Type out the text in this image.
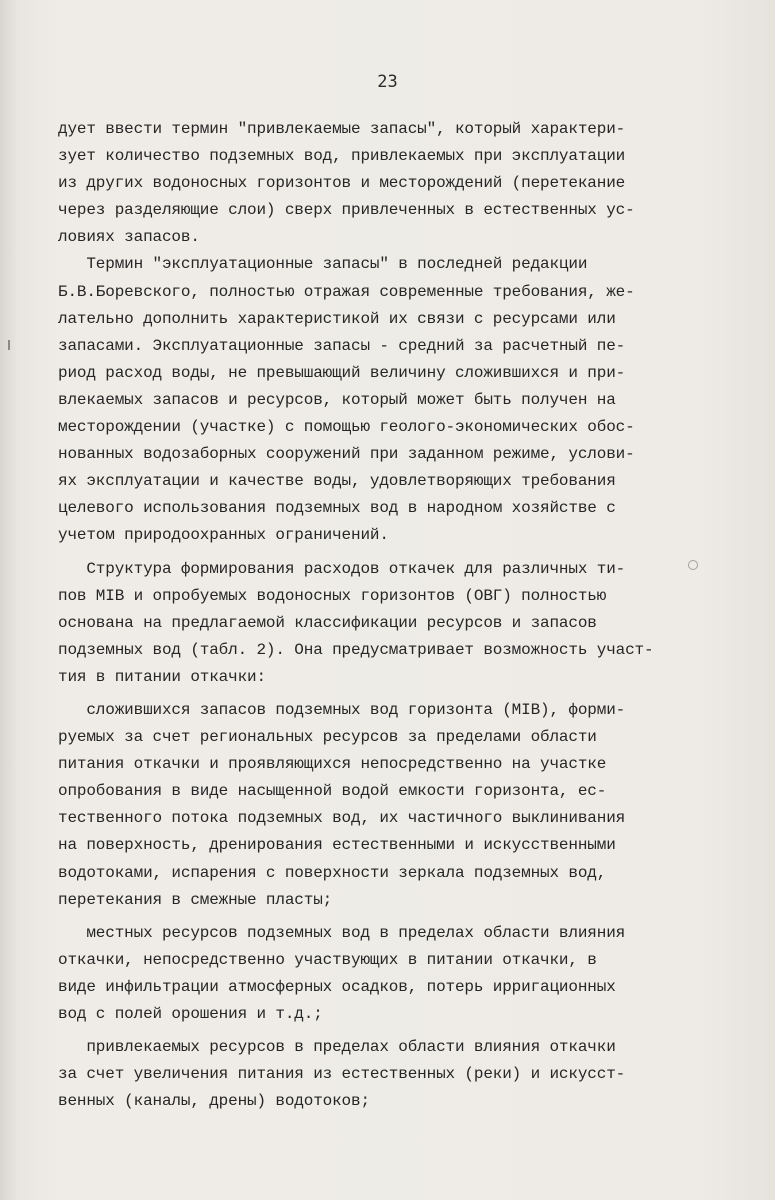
23
дует ввести термин "привлекаемые запасы", который характери-
зует количество подземных вод, привлекаемых при эксплуатации
из других водоносных горизонтов и месторождений (перетекание
через разделяющие слои) сверх привлеченных в естественных ус-
ловиях запасов.
Термин "эксплуатационные запасы" в последней редакции
Б.В.Боревского, полностью отражая современные требования, же-
лательно дополнить характеристикой их связи с ресурсами или
запасами. Эксплуатационные запасы - средний за расчетный пе-
риод расход воды, не превышающий величину сложившихся и при-
влекаемых запасов и ресурсов, который может быть получен на
месторождении (участке) с помощью геолого-экономических обос-
нованных водозаборных сооружений при заданном режиме, услови-
ях эксплуатации и качестве воды, удовлетворяющих требования
целевого использования подземных вод в народном хозяйстве с
учетом природоохранных ограничений.
Структура формирования расходов откачек для различных ти-
пов МІВ и опробуемых водоносных горизонтов (ОВГ) полностью
основана на предлагаемой классификации ресурсов и запасов
подземных вод (табл. 2). Она предусматривает возможность участ-
тия в питании откачки:
сложившихся запасов подземных вод горизонта (МІВ), форми-
руемых за счет региональных ресурсов за пределами области
питания откачки и проявляющихся непосредственно на участке
опробования в виде насыщенной водой емкости горизонта, ес-
тественного потока подземных вод, их частичного выклинивания
на поверхность, дренирования естественными и искусственными
водотоками, испарения с поверхности зеркала подземных вод,
перетекания в смежные пласты;
местных ресурсов подземных вод в пределах области влияния
откачки, непосредственно участвующих в питании откачки, в
виде инфильтрации атмосферных осадков, потерь ирригационных
вод с полей орошения и т.д.;
привлекаемых ресурсов в пределах области влияния откачки
за счет увеличения питания из естественных (реки) и искусст-
венных (каналы, дрены) водотоков;
